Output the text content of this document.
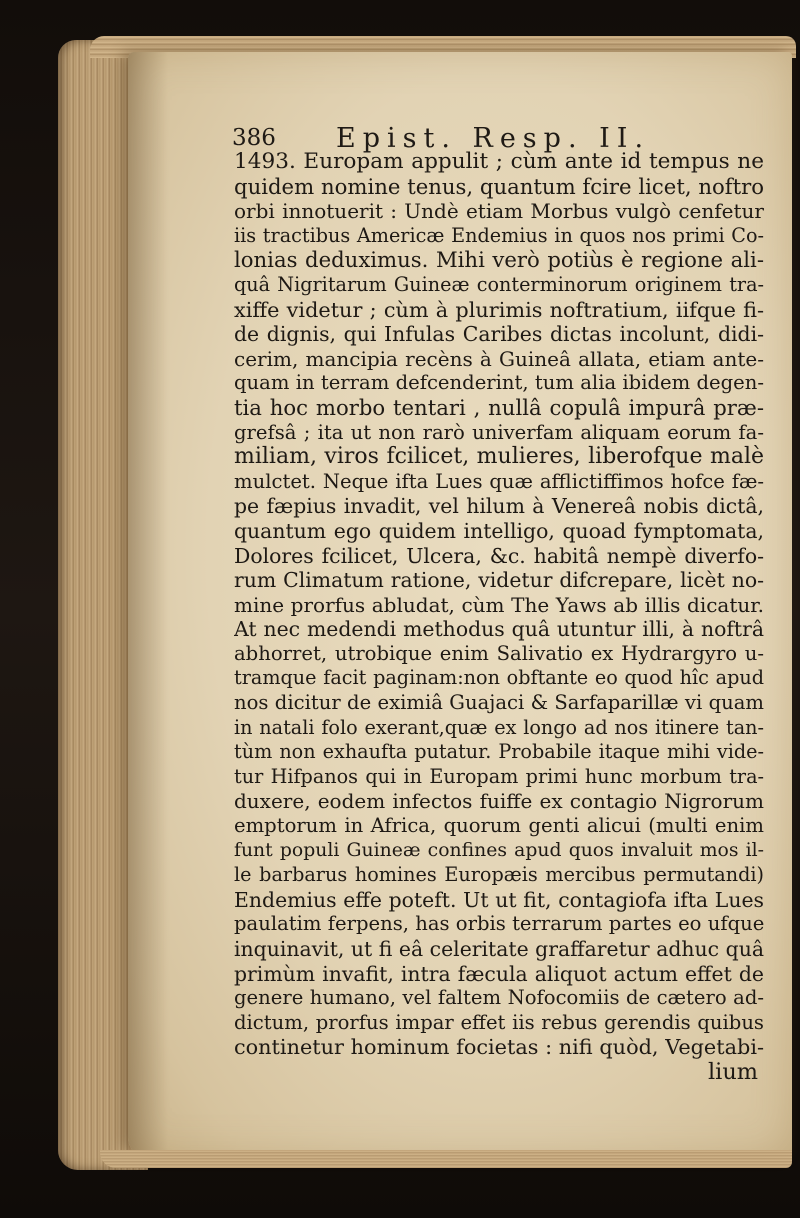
386 Epist. Resp. II.
1493. Europam appulit ; cùm ante id tempus ne
quidem nomine tenus, quantum fcire licet, noftro
orbi innotuerit : Undè etiam Morbus vulgò cenfetur
iis tractibus Americæ Endemius in quos nos primi Co-
lonias deduximus. Mihi verò potiùs è regione ali-
quâ Nigritarum Guineæ conterminorum originem tra-
xiffe videtur ; cùm à plurimis noftratium, iifque fi-
de dignis, qui Infulas Caribes dictas incolunt, didi-
cerim, mancipia recèns à Guineâ allata, etiam ante-
quam in terram defcenderint, tum alia ibidem degen-
tia hoc morbo tentari , nullâ copulâ impurâ præ-
grefsâ ; ita ut non rarò univerfam aliquam eorum fa-
miliam, viros fcilicet, mulieres, liberofque malè
mulctet. Neque ifta Lues quæ afflictiffimos hofce fæ-
pe fæpius invadit, vel hilum à Venereâ nobis dictâ,
quantum ego quidem intelligo, quoad fymptomata,
Dolores fcilicet, Ulcera, &c. habitâ nempè diverfo-
rum Climatum ratione, videtur difcrepare, licèt no-
mine prorfus abludat, cùm The Yaws ab illis dicatur.
At nec medendi methodus quâ utuntur illi, à noftrâ
abhorret, utrobique enim Salivatio ex Hydrargyro u-
tramque facit paginam:non obftante eo quod hîc apud
nos dicitur de eximiâ Guajaci & Sarfaparillæ vi quam
in natali folo exerant,quæ ex longo ad nos itinere tan-
tùm non exhaufta putatur. Probabile itaque mihi vide-
tur Hifpanos qui in Europam primi hunc morbum tra-
duxere, eodem infectos fuiffe ex contagio Nigrorum
emptorum in Africa, quorum genti alicui (multi enim
funt populi Guineæ confines apud quos invaluit mos il-
le barbarus homines Europæis mercibus permutandi)
Endemius effe poteft. Ut ut fit, contagiofa ifta Lues
paulatim ferpens, has orbis terrarum partes eo ufque
inquinavit, ut fi eâ celeritate graffaretur adhuc quâ
primùm invafit, intra fæcula aliquot actum effet de
genere humano, vel faltem Nofocomiis de cætero ad-
dictum, prorfus impar effet iis rebus gerendis quibus
continetur hominum focietas : nifi quòd, Vegetabi-
lium
